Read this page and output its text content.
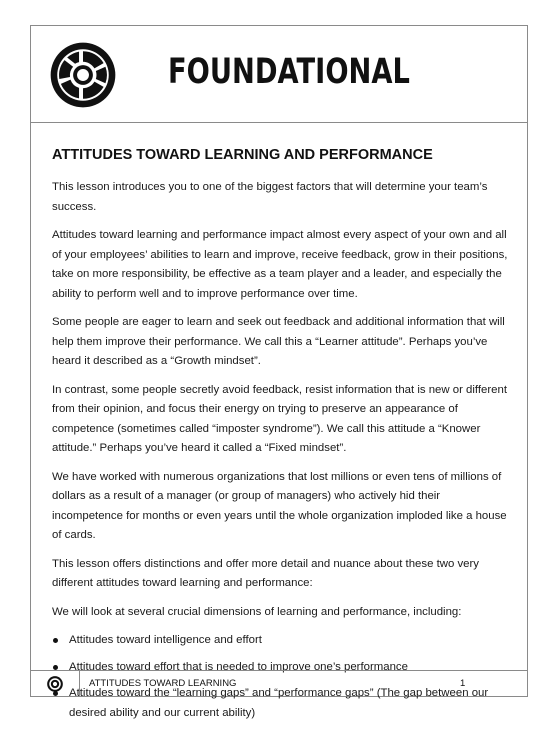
FOUNDATIONAL
ATTITUDES TOWARD LEARNING AND PERFORMANCE

This lesson introduces you to one of the biggest factors that will determine your team’s success.

Attitudes toward learning and performance impact almost every aspect of your own and all of your employees’ abilities to learn and improve, receive feedback, grow in their positions, take on more responsibility, be effective as a team player and a leader, and especially the ability to perform well and to improve performance over time.

Some people are eager to learn and seek out feedback and additional information that will help them improve their performance. We call this a “Learner attitude”. Perhaps you’ve heard it described as a “Growth mindset”.

In contrast, some people secretly avoid feedback, resist information that is new or different from their opinion, and focus their energy on trying to preserve an appearance of competence (sometimes called “imposter syndrome”). We call this attitude a “Knower attitude.” Perhaps you’ve heard it called a “Fixed mindset”.

We have worked with numerous organizations that lost millions or even tens of millions of dollars as a result of a manager (or group of managers) who actively hid their incompetence for months or even years until the whole organization imploded like a house of cards.

This lesson offers distinctions and offer more detail and nuance about these two very different attitudes toward learning and performance:

We will look at several crucial dimensions of learning and performance, including:

Attitudes toward intelligence and effort
Attitudes toward effort that is needed to improve one’s performance
Attitudes toward the “learning gaps” and “performance gaps” (The gap between our desired ability and our current ability)
ATTITUDES TOWARD LEARNING	1
